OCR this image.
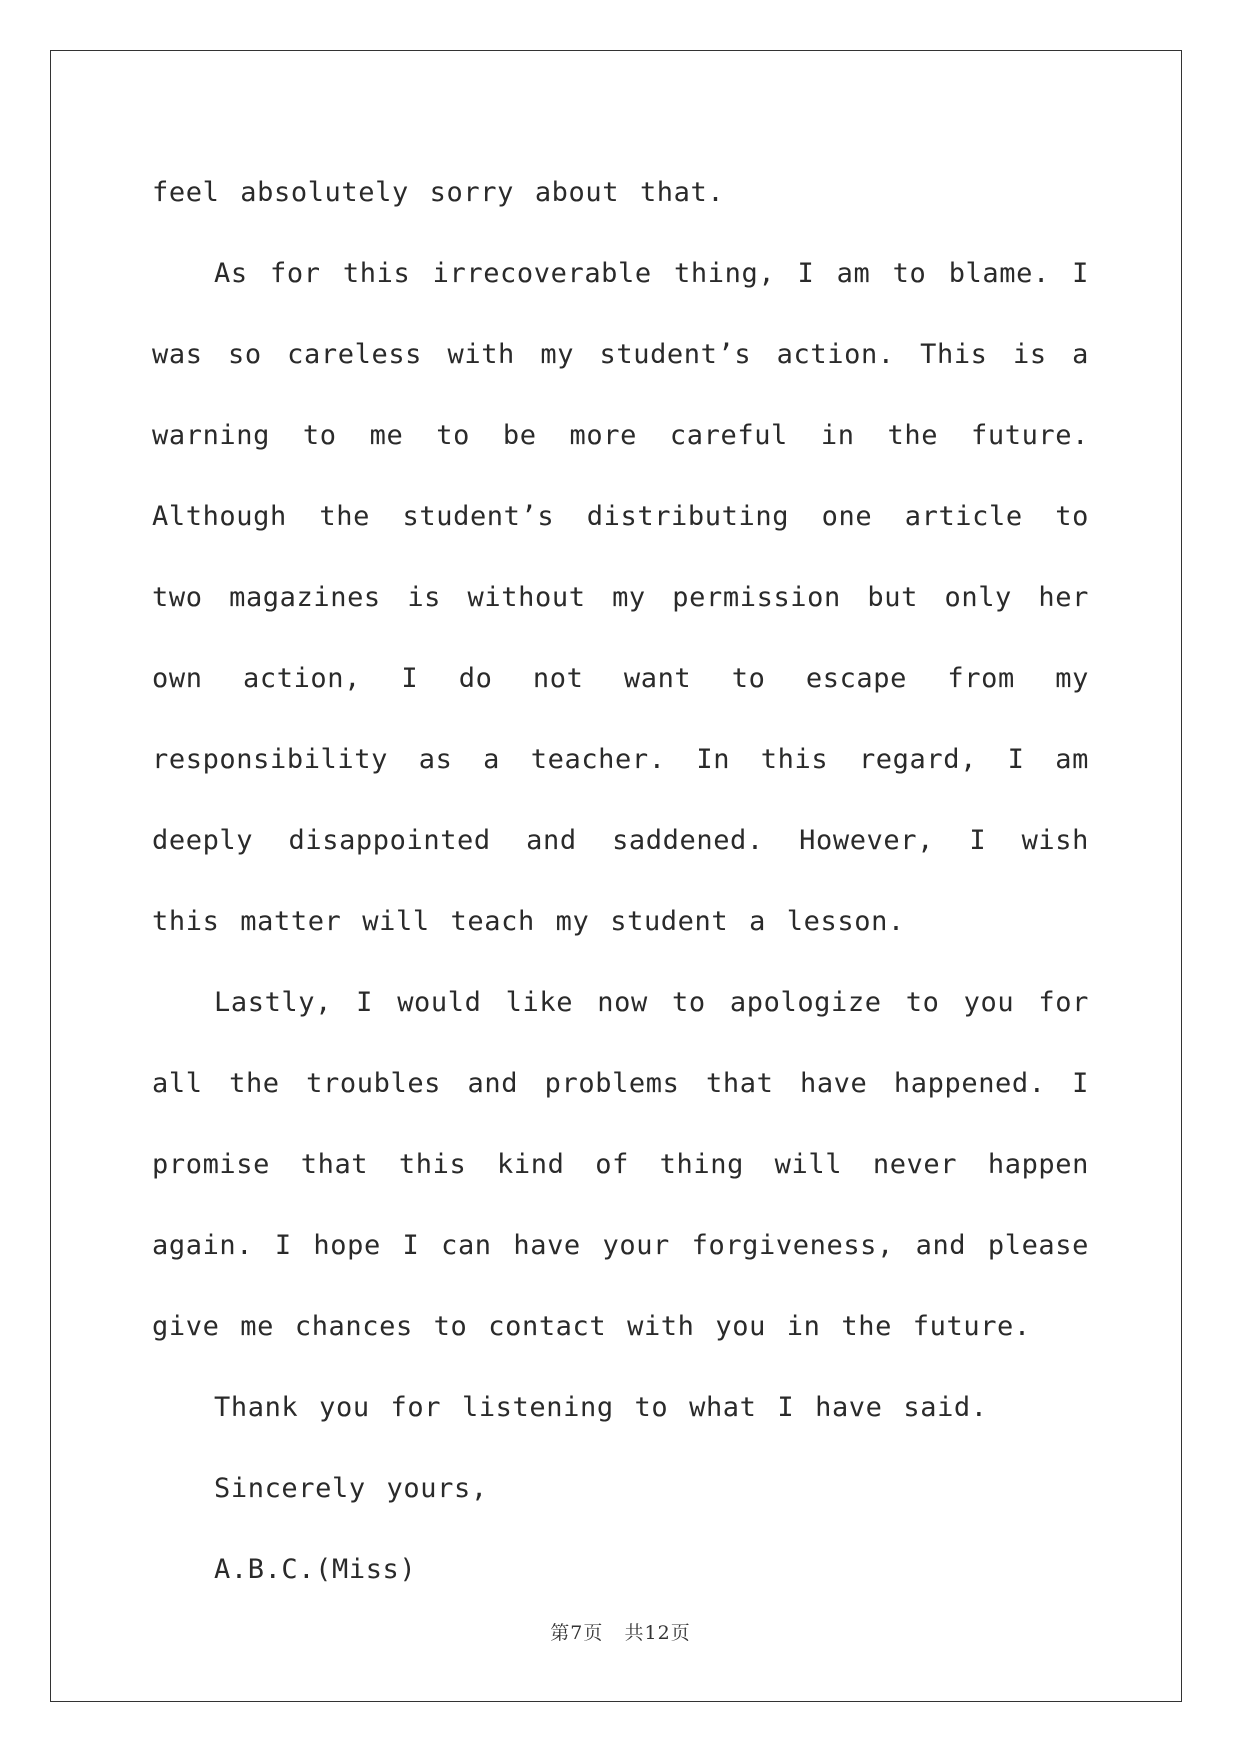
feel absolutely sorry about that.

As for this irrecoverable thing, I am to blame. I was so careless with my student’s action. This is a warning to me to be more careful in the future. Although the student’s distributing one article to two magazines is without my permission but only her own action, I do not want to escape from my responsibility as a teacher. In this regard, I am deeply disappointed and saddened. However, I wish this matter will teach my student a lesson.

Lastly, I would like now to apologize to you for all the troubles and problems that have happened. I promise that this kind of thing will never happen again. I hope I can have your forgiveness, and please give me chances to contact with you in the future.

Thank you for listening to what I have said.

Sincerely yours,

A.B.C.(Miss)

第7页 共12页
